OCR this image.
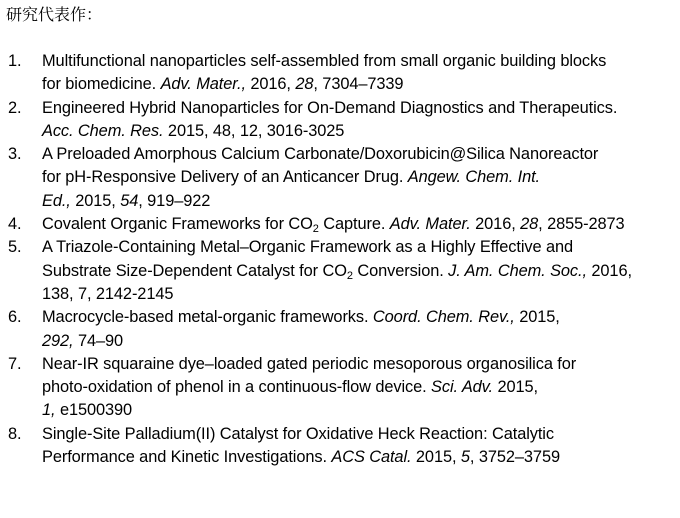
研究代表作：
1.	Multifunctional nanoparticles self-assembled from small organic building blocks
for biomedicine. Adv. Mater., 2016, 28, 7304–7339
2.	Engineered Hybrid Nanoparticles for On-Demand Diagnostics and Therapeutics.
Acc. Chem. Res. 2015, 48, 12, 3016-3025
3.	A Preloaded Amorphous Calcium Carbonate/Doxorubicin@Silica Nanoreactor
for pH-Responsive Delivery of an Anticancer Drug. Angew. Chem. Int.
Ed., 2015, 54, 919–922
4.	Covalent Organic Frameworks for $CO_2$ Capture. Adv. Mater. 2016, 28, 2855-2873
5.	A Triazole-Containing Metal–Organic Framework as a Highly Effective and
Substrate Size-Dependent Catalyst for $CO_2$ Conversion. J. Am. Chem. Soc., 2016,
138, 7, 2142-2145
6.	Macrocycle-based metal-organic frameworks. Coord. Chem. Rev., 2015,
292, 74–90
7.	Near-IR squaraine dye–loaded gated periodic mesoporous organosilica for
photo-oxidation of phenol in a continuous-flow device. Sci. Adv. 2015,
1, e1500390
8.	Single-Site Palladium(II) Catalyst for Oxidative Heck Reaction: Catalytic
Performance and Kinetic Investigations. ACS Catal. 2015, 5, 3752–3759
